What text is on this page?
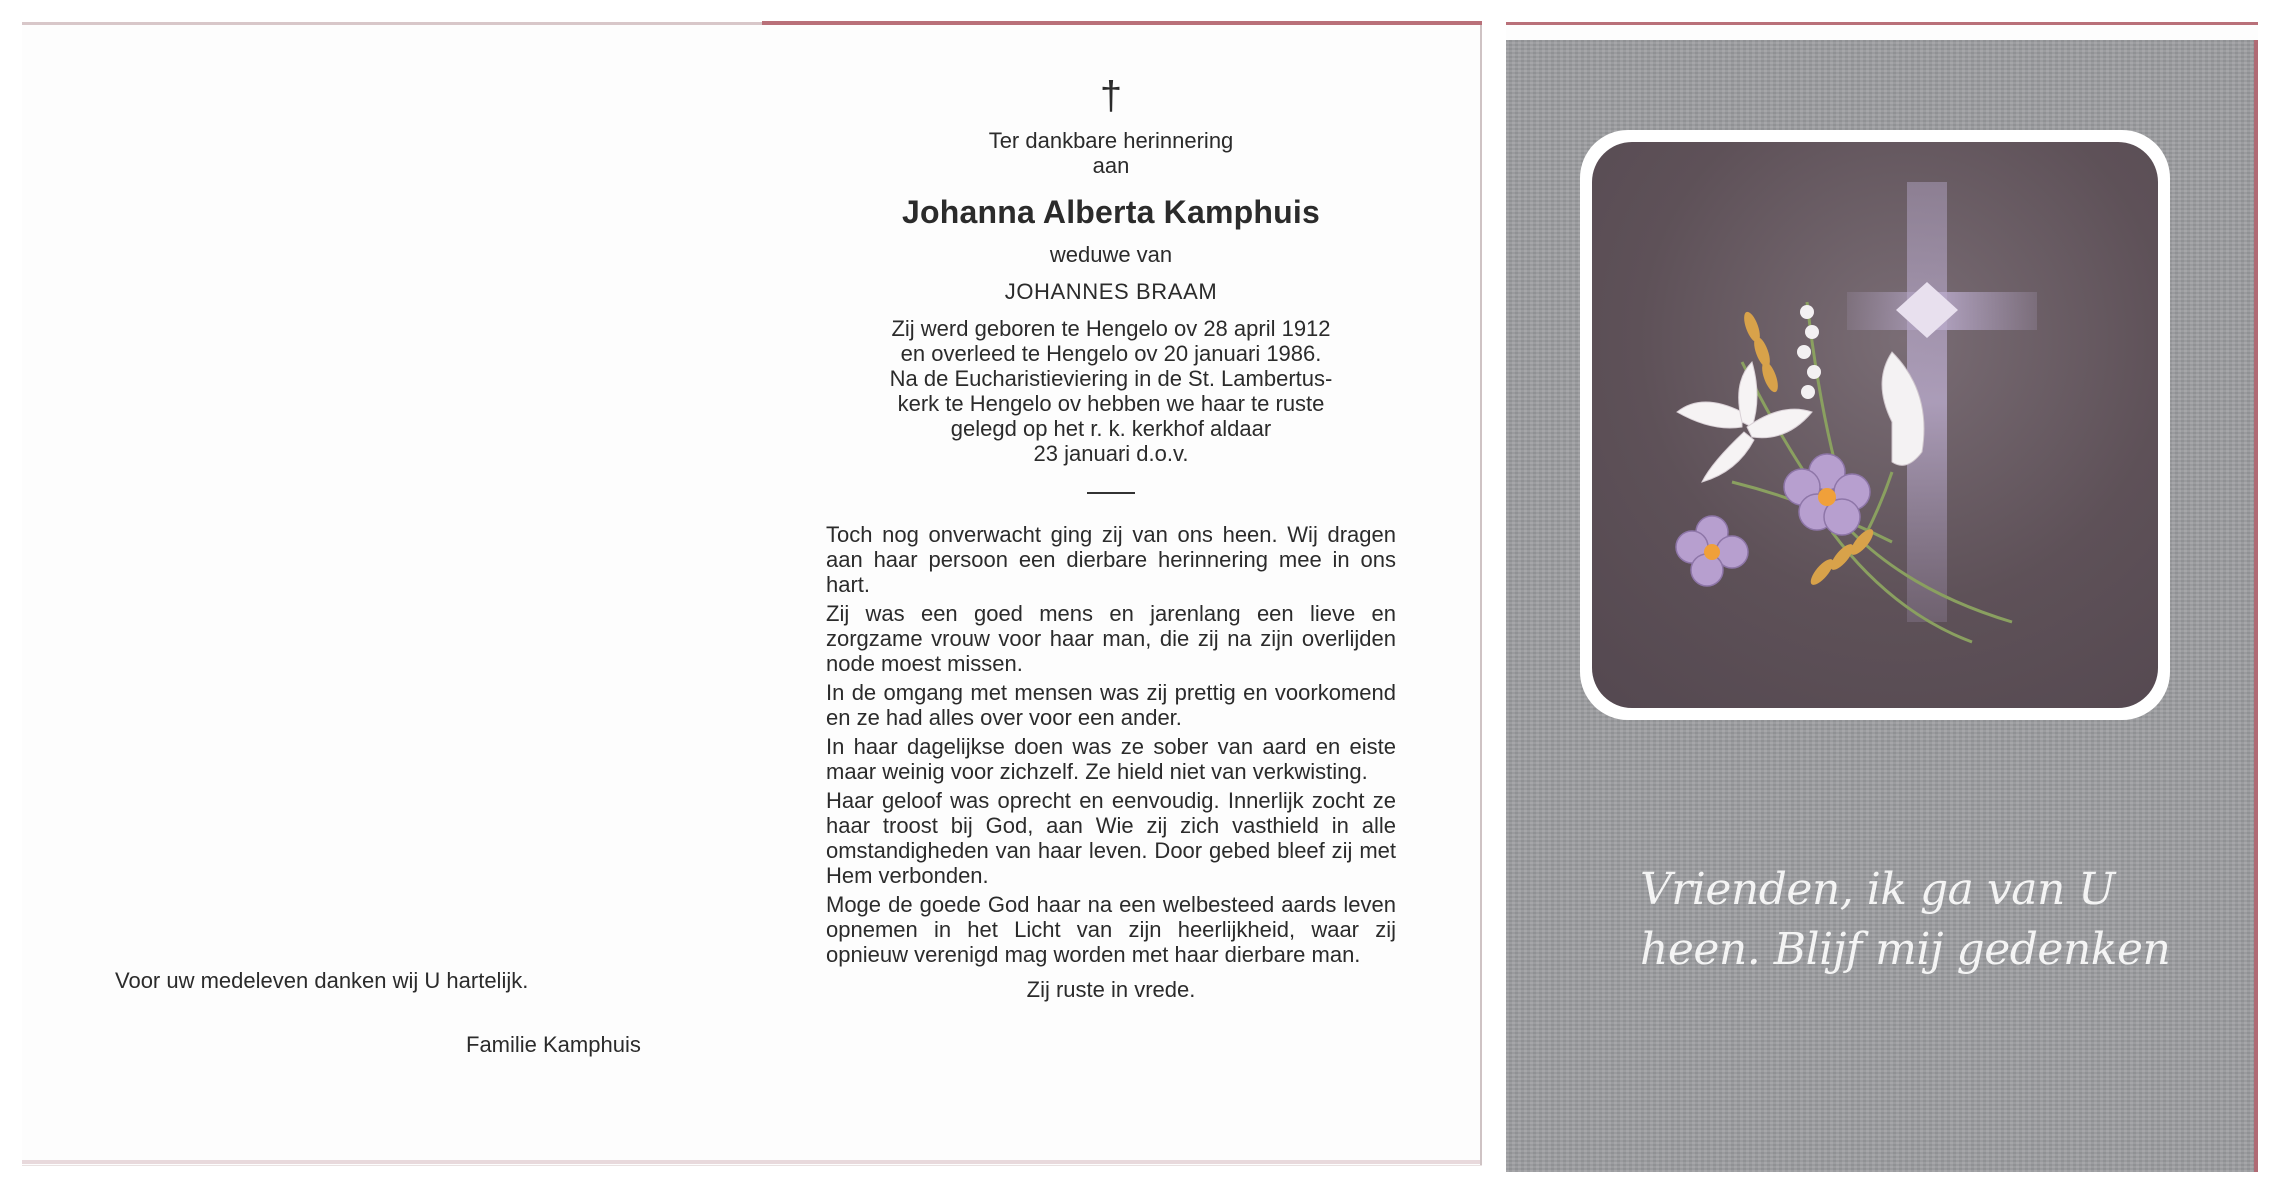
Voor uw medeleven danken wij U hartelijk.
Familie Kamphuis
†
Ter dankbare herinnering
aan
Johanna Alberta Kamphuis
weduwe van
JOHANNES BRAAM
Zij werd geboren te Hengelo ov 28 april 1912
en overleed te Hengelo ov 20 januari 1986.
Na de Eucharistieviering in de St. Lambertus-
kerk te Hengelo ov hebben we haar te ruste
gelegd op het r. k. kerkhof aldaar
23 januari d.o.v.
Toch nog onverwacht ging zij van ons heen. Wij dragen aan haar persoon een dierbare herinnering mee in ons hart.
Zij was een goed mens en jarenlang een lieve en zorgzame vrouw voor haar man, die zij na zijn overlijden node moest missen.
In de omgang met mensen was zij prettig en voorkomend en ze had alles over voor een ander.
In haar dagelijkse doen was ze sober van aard en eiste maar weinig voor zichzelf. Ze hield niet van verkwisting.
Haar geloof was oprecht en eenvoudig. Innerlijk zocht ze haar troost bij God, aan Wie zij zich vasthield in alle omstandigheden van haar leven. Door gebed bleef zij met Hem verbonden.
Moge de goede God haar na een welbesteed aards leven opnemen in het Licht van zijn heerlijkheid, waar zij opnieuw verenigd mag worden met haar dierbare man.
Zij ruste in vrede.
Vrienden, ik ga van U
heen. Blijf mij gedenken
